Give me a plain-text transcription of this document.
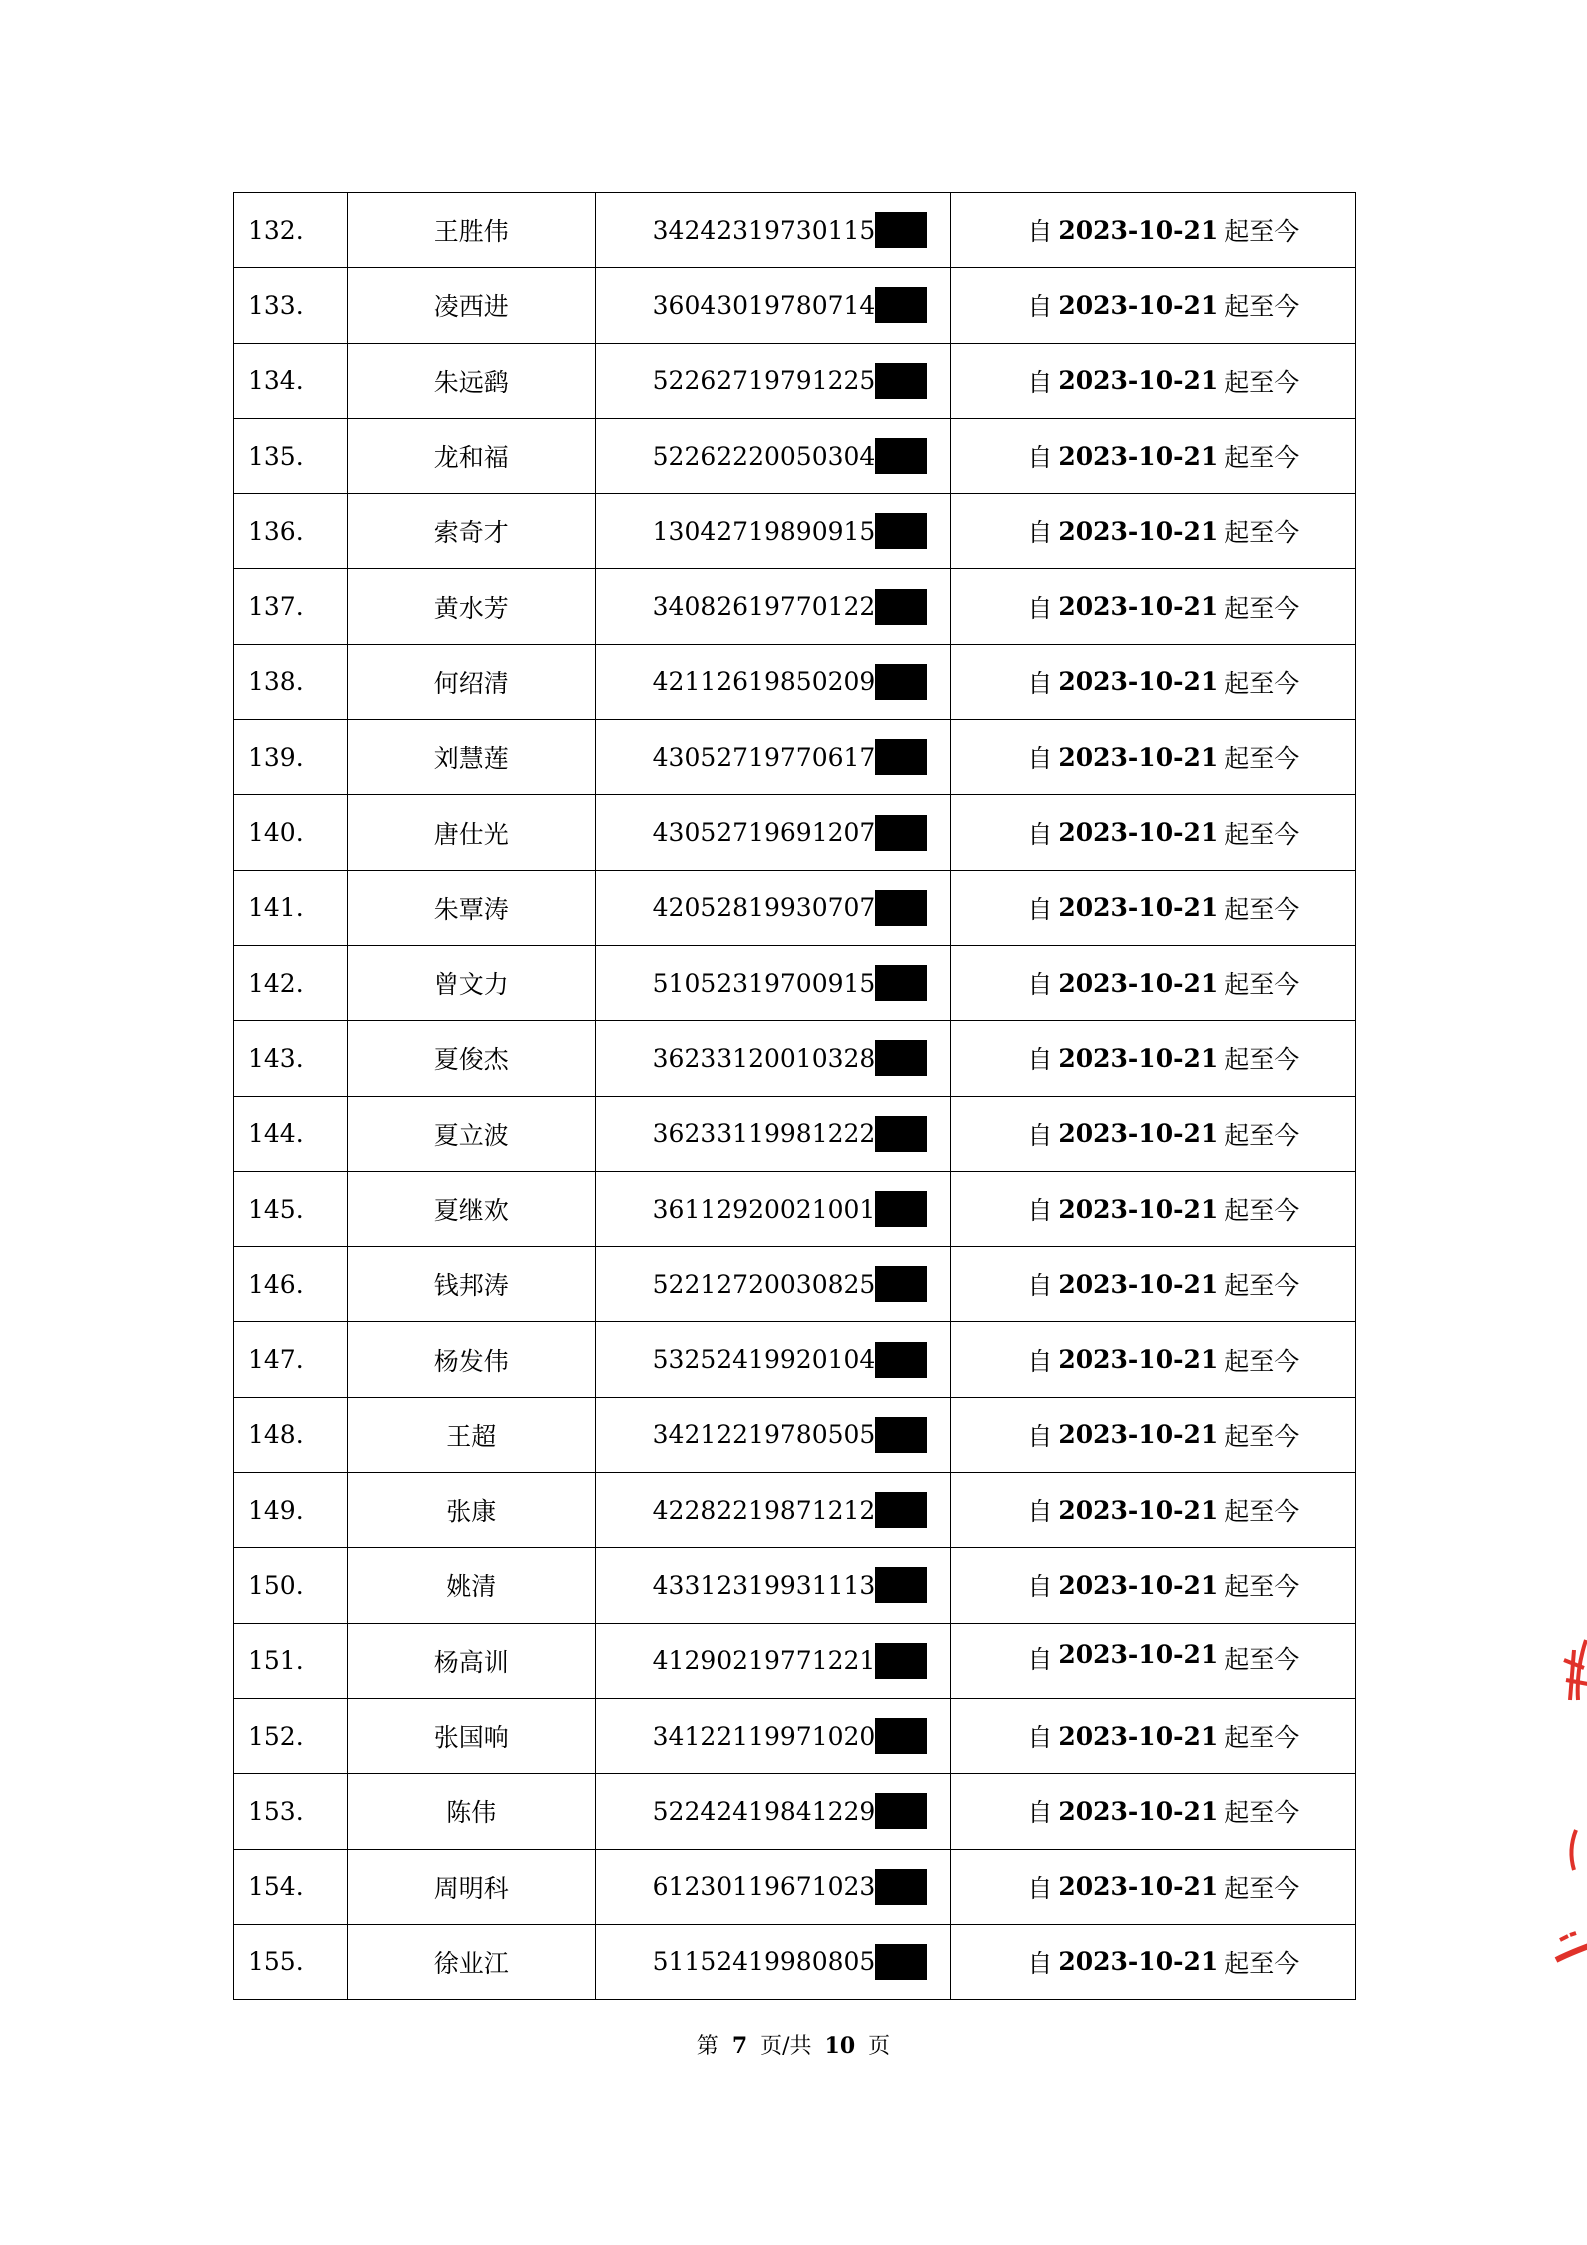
132.	王胜伟	34242319730115	自 2023-10-21 起至今
133.	凌西进	36043019780714	自 2023-10-21 起至今
134.	朱远鹞	52262719791225	自 2023-10-21 起至今
135.	龙和福	52262220050304	自 2023-10-21 起至今
136.	索奇才	13042719890915	自 2023-10-21 起至今
137.	黄水芳	34082619770122	自 2023-10-21 起至今
138.	何绍清	42112619850209	自 2023-10-21 起至今
139.	刘慧莲	43052719770617	自 2023-10-21 起至今
140.	唐仕光	43052719691207	自 2023-10-21 起至今
141.	朱覃涛	42052819930707	自 2023-10-21 起至今
142.	曾文力	51052319700915	自 2023-10-21 起至今
143.	夏俊杰	36233120010328	自 2023-10-21 起至今
144.	夏立波	36233119981222	自 2023-10-21 起至今
145.	夏继欢	36112920021001	自 2023-10-21 起至今
146.	钱邦涛	52212720030825	自 2023-10-21 起至今
147.	杨发伟	53252419920104	自 2023-10-21 起至今
148.	王超	34212219780505	自 2023-10-21 起至今
149.	张康	42282219871212	自 2023-10-21 起至今
150.	姚清	43312319931113	自 2023-10-21 起至今
151.	杨高训	41290219771221	自 2023-10-21 起至今
152.	张国响	34122119971020	自 2023-10-21 起至今
153.	陈伟	52242419841229	自 2023-10-21 起至今
154.	周明科	61230119671023	自 2023-10-21 起至今
155.	徐业江	51152419980805	自 2023-10-21 起至今
第 7 页/共 10 页
